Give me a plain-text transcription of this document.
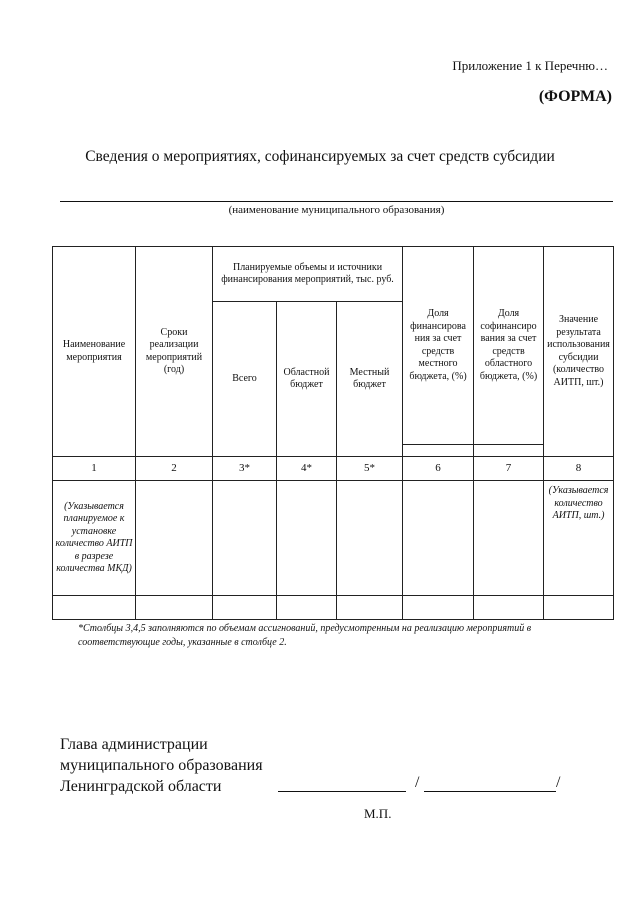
Приложение 1 к Перечню…
(ФОРМА)
Сведения о мероприятиях, софинансируемых за счет средств субсидии
(наименование муниципального образования)
Наименование мероприятия	Сроки реализации мероприятий (год)	Планируемые объемы и источники финансирования мероприятий, тыс. руб.			Доля финансирова ния за счет средств местного бюджета, (%)	Доля софинансиро вания за счет средств областного бюджета, (%)	Значение результата использования субсидии (количество АИТП, шт.)
		Всего	Областной бюджет	Местный бюджет			

1	2	3*	4*	5*	6	7	8
(Указывается планируемое к установке количество АИТП в разрезе количества МКД)							(Указывается количество АИТП, шт.)

*Столбцы 3,4,5 заполняются по объемам ассигнований, предусмотренным на реализацию мероприятий в соответствующие годы, указанные в столбце 2.
Глава администрации
муниципального образования
Ленинградской области	/	/
М.П.
